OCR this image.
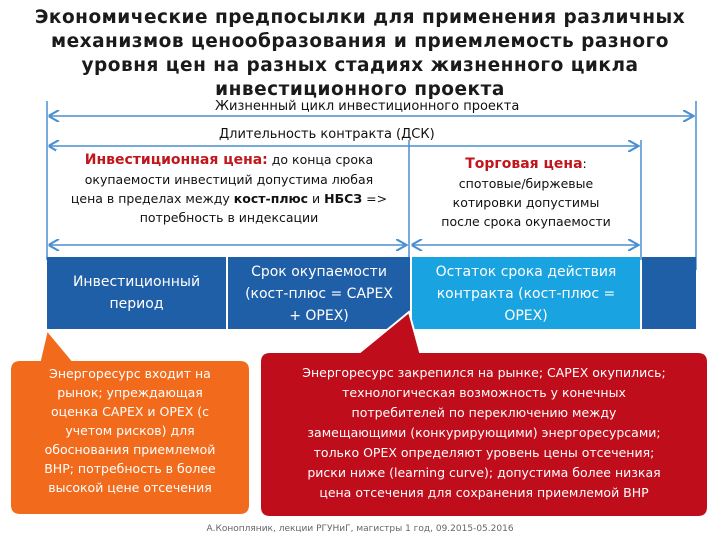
Экономические предпосылки для применения различных
механизмов ценообразования и приемлемость разного
уровня цен на разных стадиях жизненного цикла
инвестиционного проекта
Жизненный цикл инвестиционного проекта
Длительность контракта (ДСК)
Инвестиционная цена: до конца срока
окупаемости инвестиций допустима любая
цена в пределах между кост-плюс и НБСЗ =>
потребность в индексации
Торговая цена:
спотовые/биржевые
котировки допустимы
после срока окупаемости
Инвестиционный
период
Срок окупаемости
(кост-плюс = CAPEX
+ OPEX)
Остаток срока действия
контракта (кост-плюс =
OPEX)
Энергоресурс входит на
рынок; упреждающая
оценка CAPEX и OPEX (с
учетом рисков) для
обоснования приемлемой
ВНР; потребность в более
высокой цене отсечения
Энергоресурс закрепился на рынке; CAPEX окупились;
технологическая возможность у конечных
потребителей по переключению между
замещающими (конкурирующими) энергоресурсами;
только OPEX определяют уровень цены отсечения;
риски ниже (learning curve); допустима более низкая
цена отсечения для сохранения приемлемой ВНР
А.Конопляник, лекции РГУНиГ, магистры 1 год, 09.2015-05.2016
